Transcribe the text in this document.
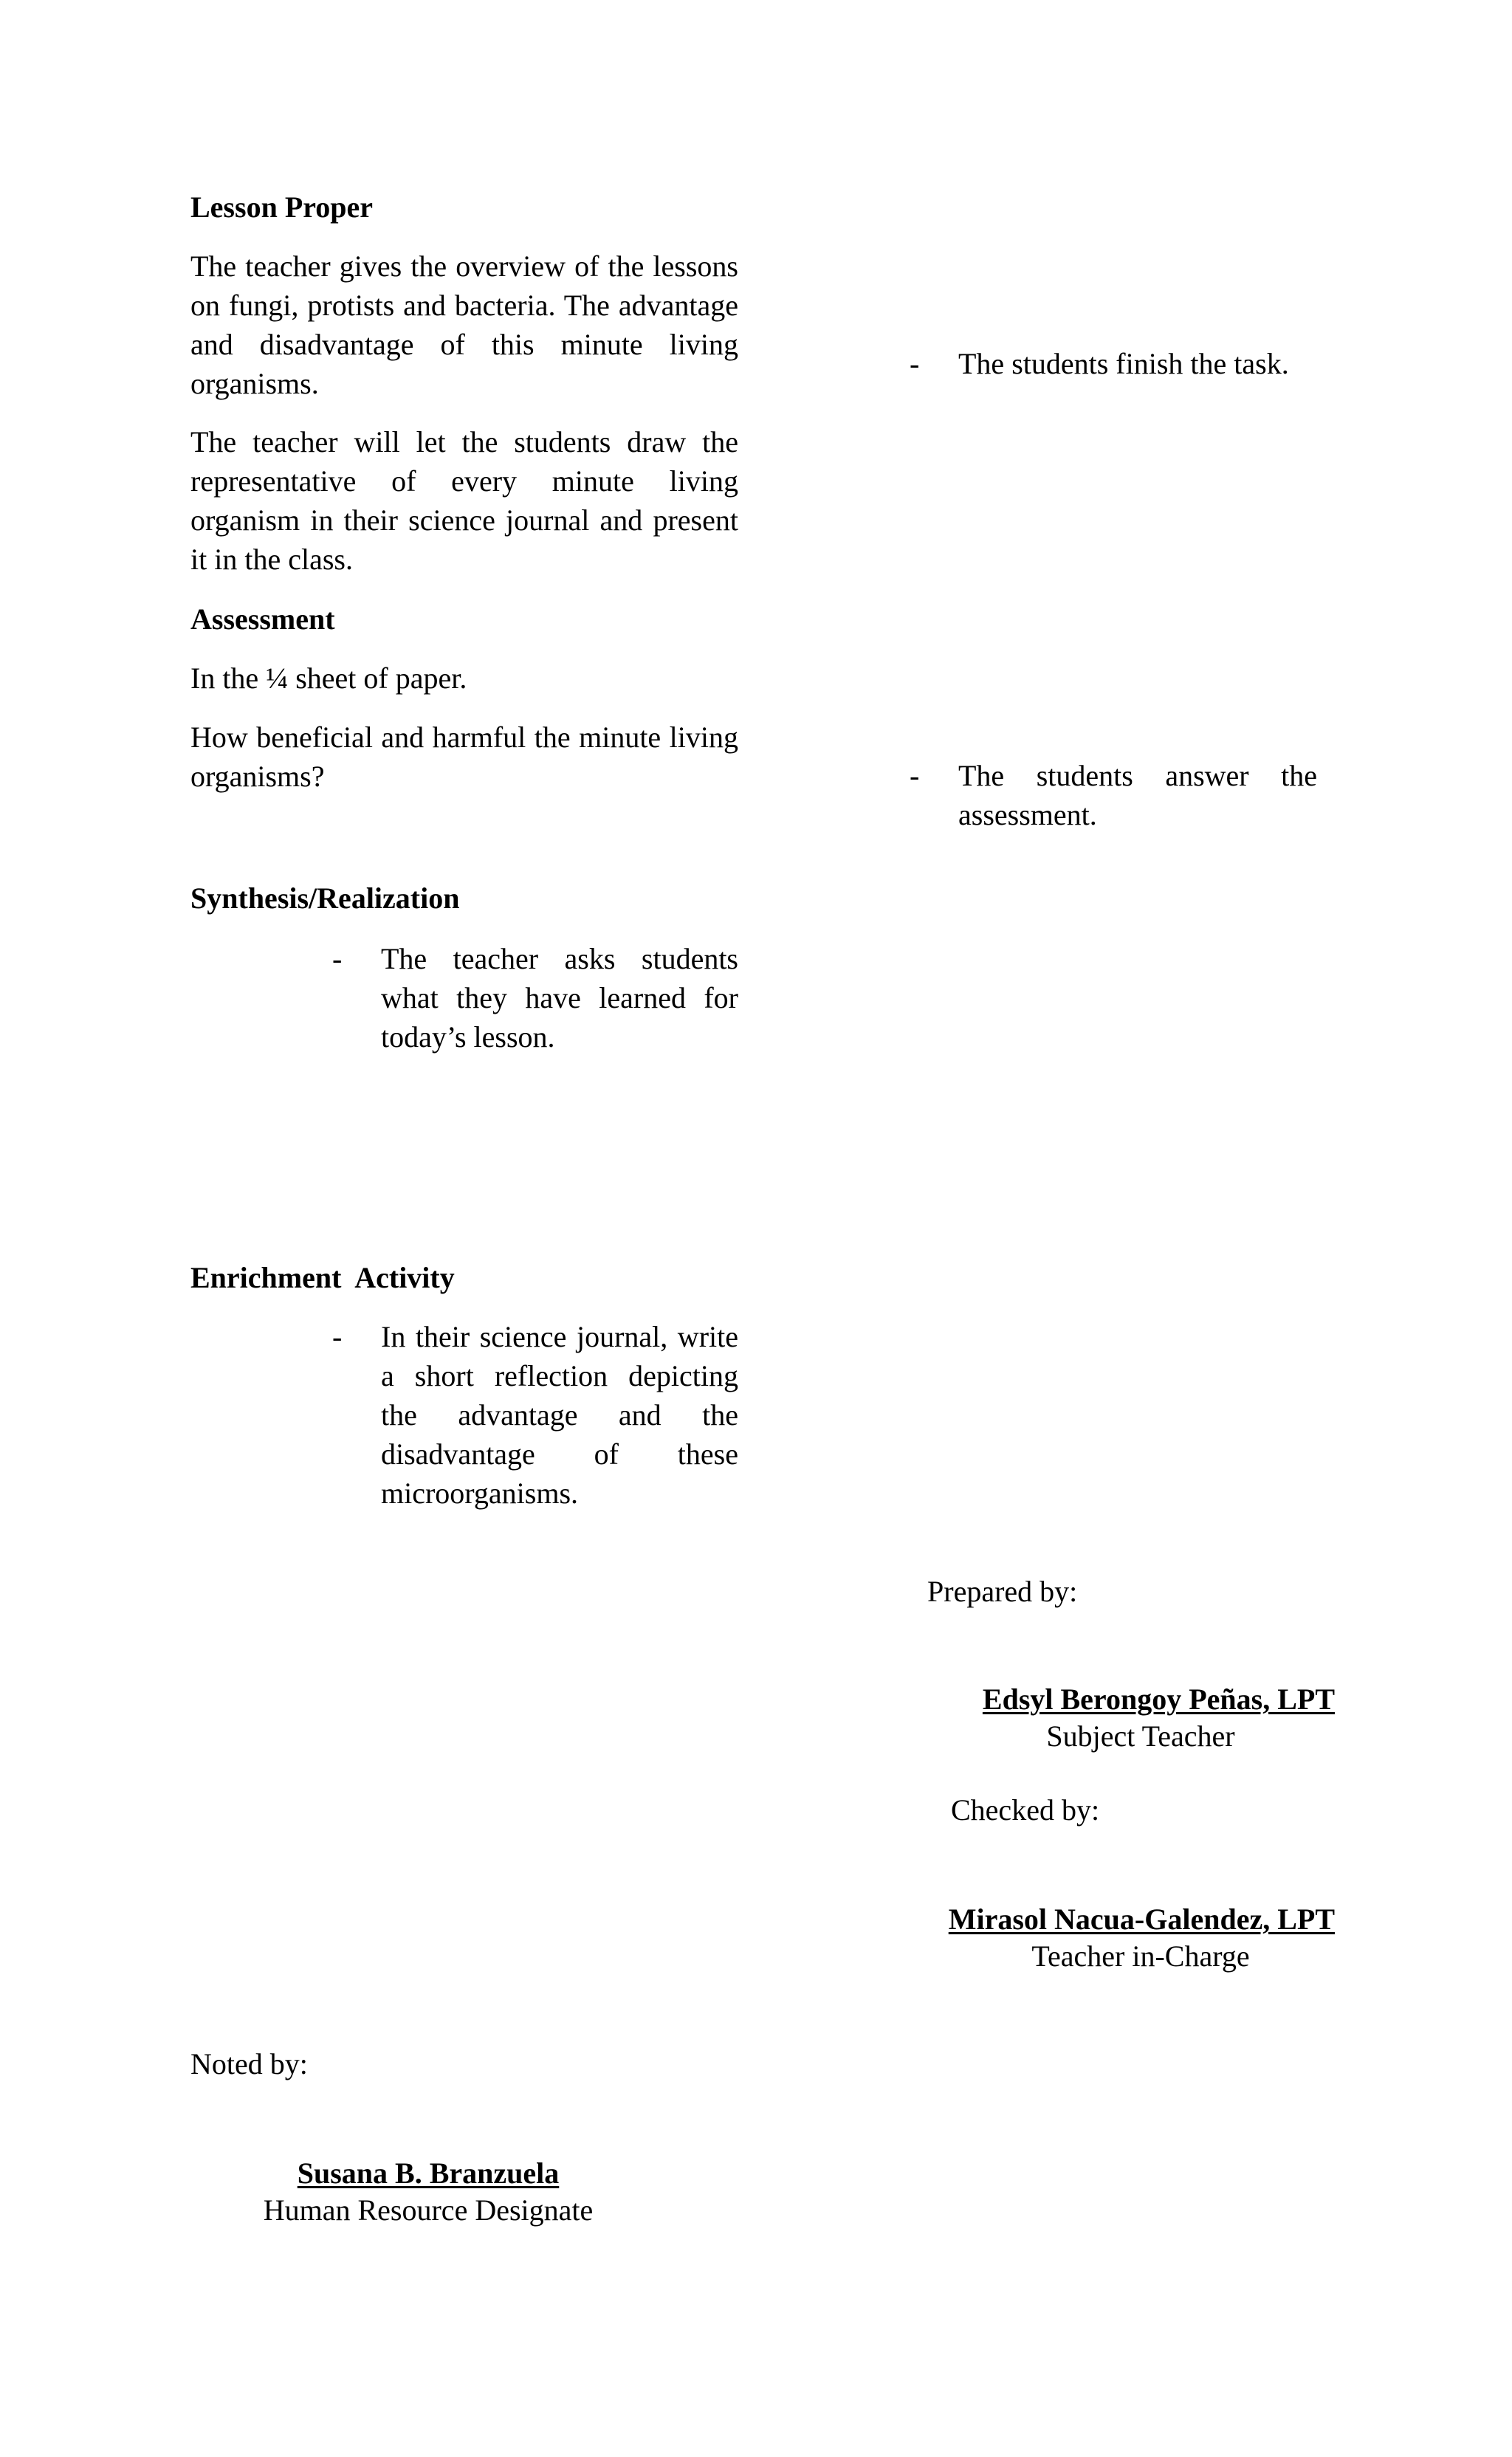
Lesson Proper
The teacher gives the overview of the lessons on fungi, protists and bacteria. The advantage and disadvantage of this minute living organisms.
The teacher will let the students draw the representative of every minute living organism in their science journal and present it in the class.
-	The students finish the task.
Assessment
In the ¼ sheet of paper.
How beneficial and harmful the minute living organisms?	-	The students answer the assessment.
Synthesis/Realization
-	The teacher asks students what they have learned for today’s lesson.
Enrichment  Activity
-	In their science journal, write a short reflection depicting the advantage and the disadvantage of these microorganisms.
Prepared by:
Edsyl Berongoy Peñas, LPT
Subject Teacher
Checked by:
Mirasol Nacua-Galendez, LPT
Teacher in-Charge
Noted by:
Susana B. Branzuela
Human Resource Designate
